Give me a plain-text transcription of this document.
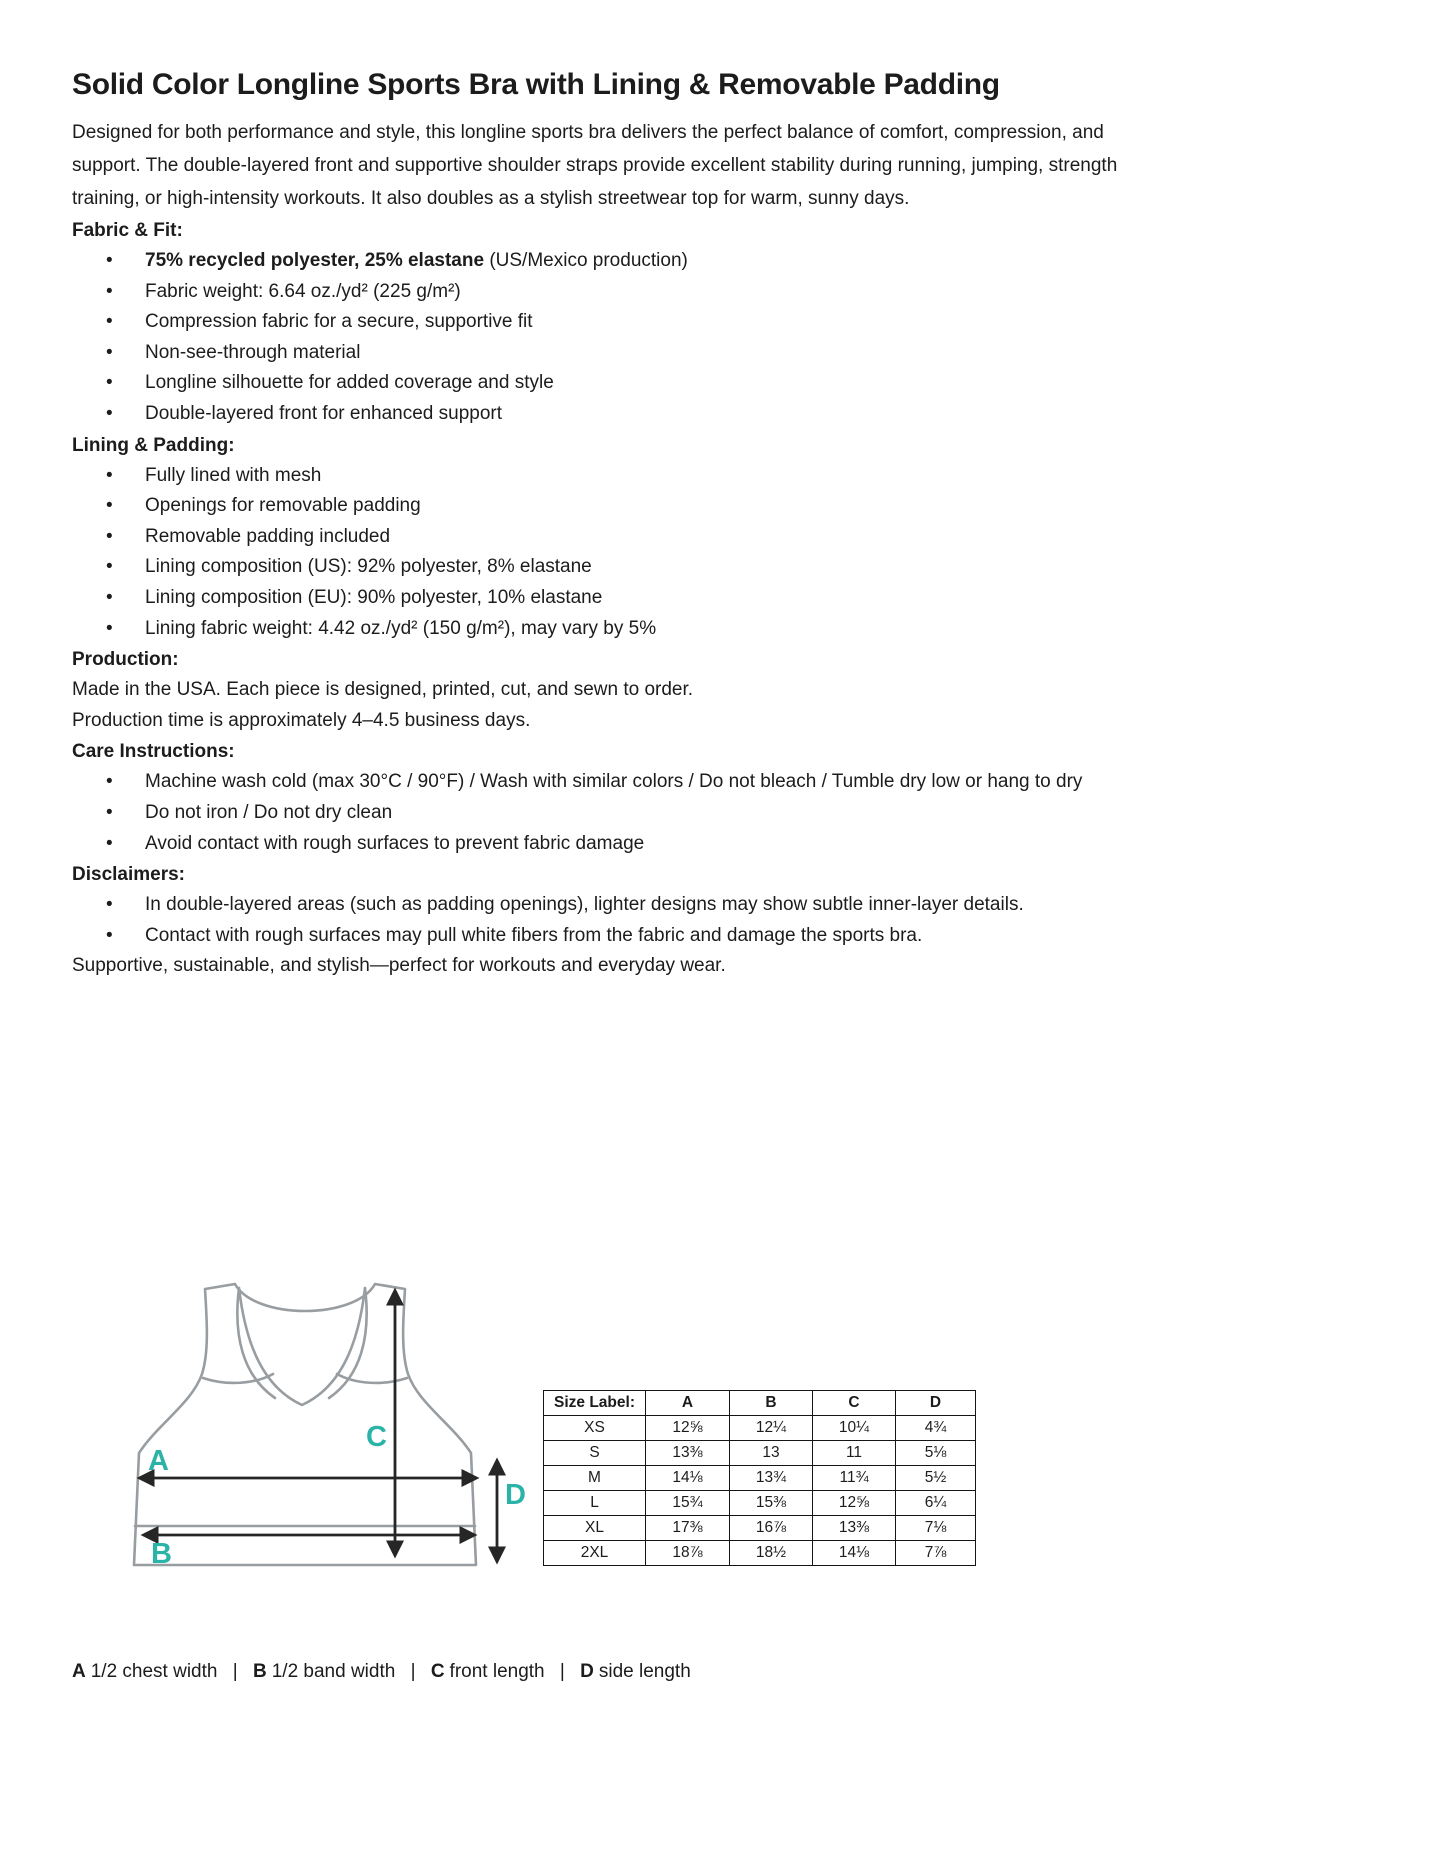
Solid Color Longline Sports Bra with Lining & Removable Padding

Designed for both performance and style, this longline sports bra delivers the perfect balance of comfort, compression, and support. The double-layered front and supportive shoulder straps provide excellent stability during running, jumping, strength training, or high-intensity workouts. It also doubles as a stylish streetwear top for warm, sunny days.

Fabric & Fit:

• 75% recycled polyester, 25% elastane (US/Mexico production)
• Fabric weight: 6.64 oz./yd² (225 g/m²)
• Compression fabric for a secure, supportive fit
• Non-see-through material
• Longline silhouette for added coverage and style
• Double-layered front for enhanced support

Lining & Padding:

• Fully lined with mesh
• Openings for removable padding
• Removable padding included
• Lining composition (US): 92% polyester, 8% elastane
• Lining composition (EU): 90% polyester, 10% elastane
• Lining fabric weight: 4.42 oz./yd² (150 g/m²), may vary by 5%

Production:

Made in the USA. Each piece is designed, printed, cut, and sewn to order.

Production time is approximately 4–4.5 business days.

Care Instructions:

• Machine wash cold (max 30°C / 90°F) / Wash with similar colors / Do not bleach / Tumble dry low or hang to dry
• Do not iron / Do not dry clean
• Avoid contact with rough surfaces to prevent fabric damage

Disclaimers:

• In double-layered areas (such as padding openings), lighter designs may show subtle inner-layer details.
• Contact with rough surfaces may pull white fibers from the fabric and damage the sports bra.

Supportive, sustainable, and stylish—perfect for workouts and everyday wear.

A
B
C
D
Size Label:	A	B	C	D
XS	12⅝	12¼	10¼	4¾
S	13⅜	13	11	5⅛
M	14⅛	13¾	11¾	5½
L	15¾	15⅜	12⅝	6¼
XL	17⅜	16⅞	13⅜	7⅛
2XL	18⅞	18½	14⅛	7⅞

A 1/2 chest width | B 1/2 band width | C front length | D side length
